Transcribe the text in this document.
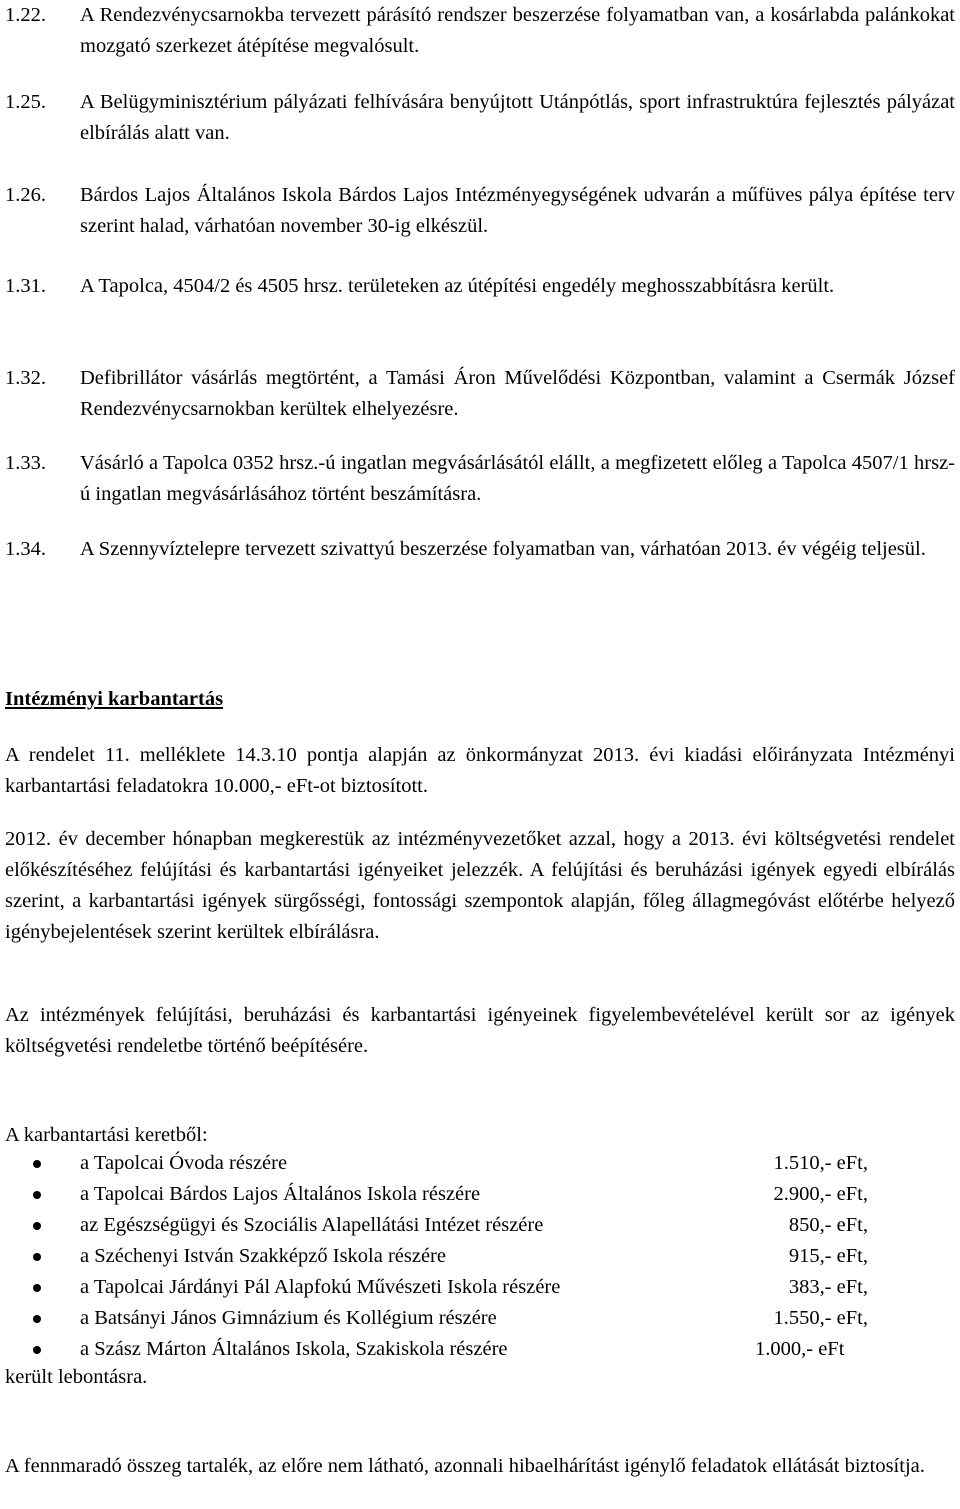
1.22. A Rendezvénycsarnokba tervezett párásító rendszer beszerzése folyamatban van, a kosárlabda palánkokat mozgató szerkezet átépítése megvalósult.
1.25. A Belügyminisztérium pályázati felhívására benyújtott Utánpótlás, sport infrastruktúra fejlesztés pályázat elbírálás alatt van.
1.26. Bárdos Lajos Általános Iskola Bárdos Lajos Intézményegységének udvarán a műfüves pálya építése terv szerint halad, várhatóan november 30-ig elkészül.
1.31. A Tapolca, 4504/2 és 4505 hrsz. területeken az útépítési engedély meghosszabbításra került.
1.32. Defibrillátor vásárlás megtörtént, a Tamási Áron Művelődési Központban, valamint a Csermák József Rendezvénycsarnokban kerültek elhelyezésre.
1.33. Vásárló a Tapolca 0352 hrsz.-ú ingatlan megvásárlásától elállt, a megfizetett előleg a Tapolca 4507/1 hrsz-ú ingatlan megvásárlásához történt beszámításra.
1.34. A Szennyvíztelepre tervezett szivattyú beszerzése folyamatban van, várhatóan 2013. év végéig teljesül.
Intézményi karbantartás
A rendelet 11. melléklete 14.3.10 pontja alapján az önkormányzat 2013. évi kiadási előirányzata Intézményi karbantartási feladatokra 10.000,- eFt-ot biztosított.
2012. év december hónapban megkerestük az intézményvezetőket azzal, hogy a 2013. évi költségvetési rendelet előkészítéséhez felújítási és karbantartási igényeiket jelezzék. A felújítási és beruházási igények egyedi elbírálás szerint, a karbantartási igények sürgősségi, fontossági szempontok alapján, főleg állagmegóvást előtérbe helyező igénybejelentések szerint kerültek elbírálásra.
Az intézmények felújítási, beruházási és karbantartási igényeinek figyelembevételével került sor az igények költségvetési rendeletbe történő beépítésére.
A karbantartási keretből:
a Tapolcai Óvoda részére	1.510,- eFt,
a Tapolcai Bárdos Lajos Általános Iskola részére	2.900,- eFt,
az Egészségügyi és Szociális Alapellátási Intézet részére	850,- eFt,
a Széchenyi István Szakképző Iskola részére	915,- eFt,
a Tapolcai Járdányi Pál Alapfokú Művészeti Iskola részére	383,- eFt,
a Batsányi János Gimnázium és Kollégium részére	1.550,- eFt,
a Szász Márton Általános Iskola, Szakiskola részére	1.000,- eFt
került lebontásra.
A fennmaradó összeg tartalék, az előre nem látható, azonnali hibaelhárítást igénylő feladatok ellátását biztosítja.
